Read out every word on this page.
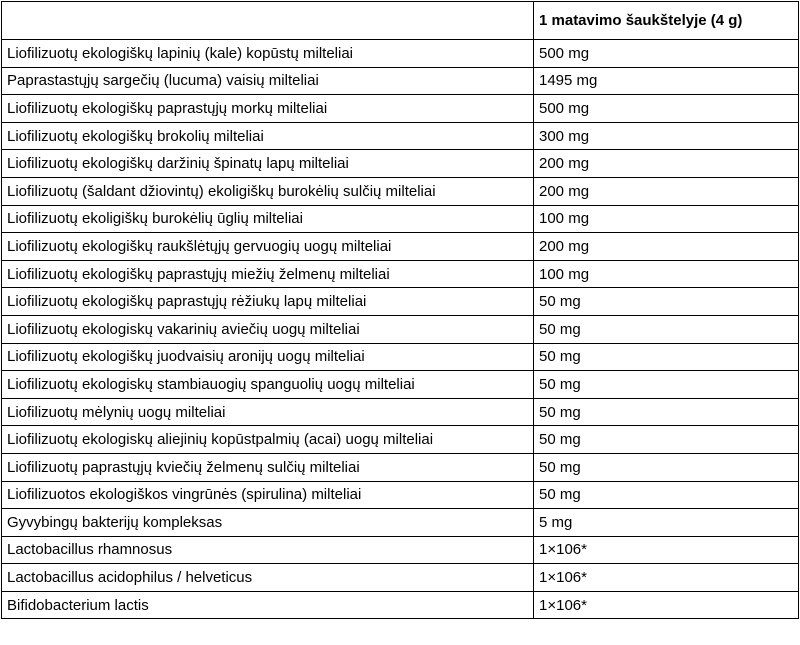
	1 matavimo šaukštelyje (4 g)
Liofilizuotų ekologiškų lapinių (kale) kopūstų milteliai	500 mg
Paprastastųjų sargečių (lucuma) vaisių milteliai	1495 mg
Liofilizuotų ekologiškų paprastųjų morkų milteliai	500 mg
Liofilizuotų ekologiškų brokolių milteliai	300 mg
Liofilizuotų ekologiškų daržinių špinatų lapų milteliai	200 mg
Liofilizuotų (šaldant džiovintų) ekoligiškų burokėlių sulčių milteliai	200 mg
Liofilizuotų ekoligiškų burokėlių ūglių milteliai	100 mg
Liofilizuotų ekologiškų raukšlėtųjų gervuogių uogų milteliai	200 mg
Liofilizuotų ekologiškų paprastųjų miežių želmenų milteliai	100 mg
Liofilizuotų ekologiškų paprastųjų rėžiukų lapų milteliai	50 mg
Liofilizuotų ekologiskų vakarinių aviečių uogų milteliai	50 mg
Liofilizuotų ekologiškų juodvaisių aronijų uogų milteliai	50 mg
Liofilizuotų ekologiskų stambiauogių spanguolių uogų milteliai	50 mg
Liofilizuotų mėlynių uogų milteliai	50 mg
Liofilizuotų ekologiskų aliejinių kopūstpalmių (acai) uogų milteliai	50 mg
Liofilizuotų paprastųjų kviečių želmenų sulčių milteliai	50 mg
Liofilizuotos ekologiškos vingrūnės (spirulina) milteliai	50 mg
Gyvybingų bakterijų kompleksas	5 mg
Lactobacillus rhamnosus	1×106*
Lactobacillus acidophilus / helveticus	1×106*
Bifidobacterium lactis	1×106*
